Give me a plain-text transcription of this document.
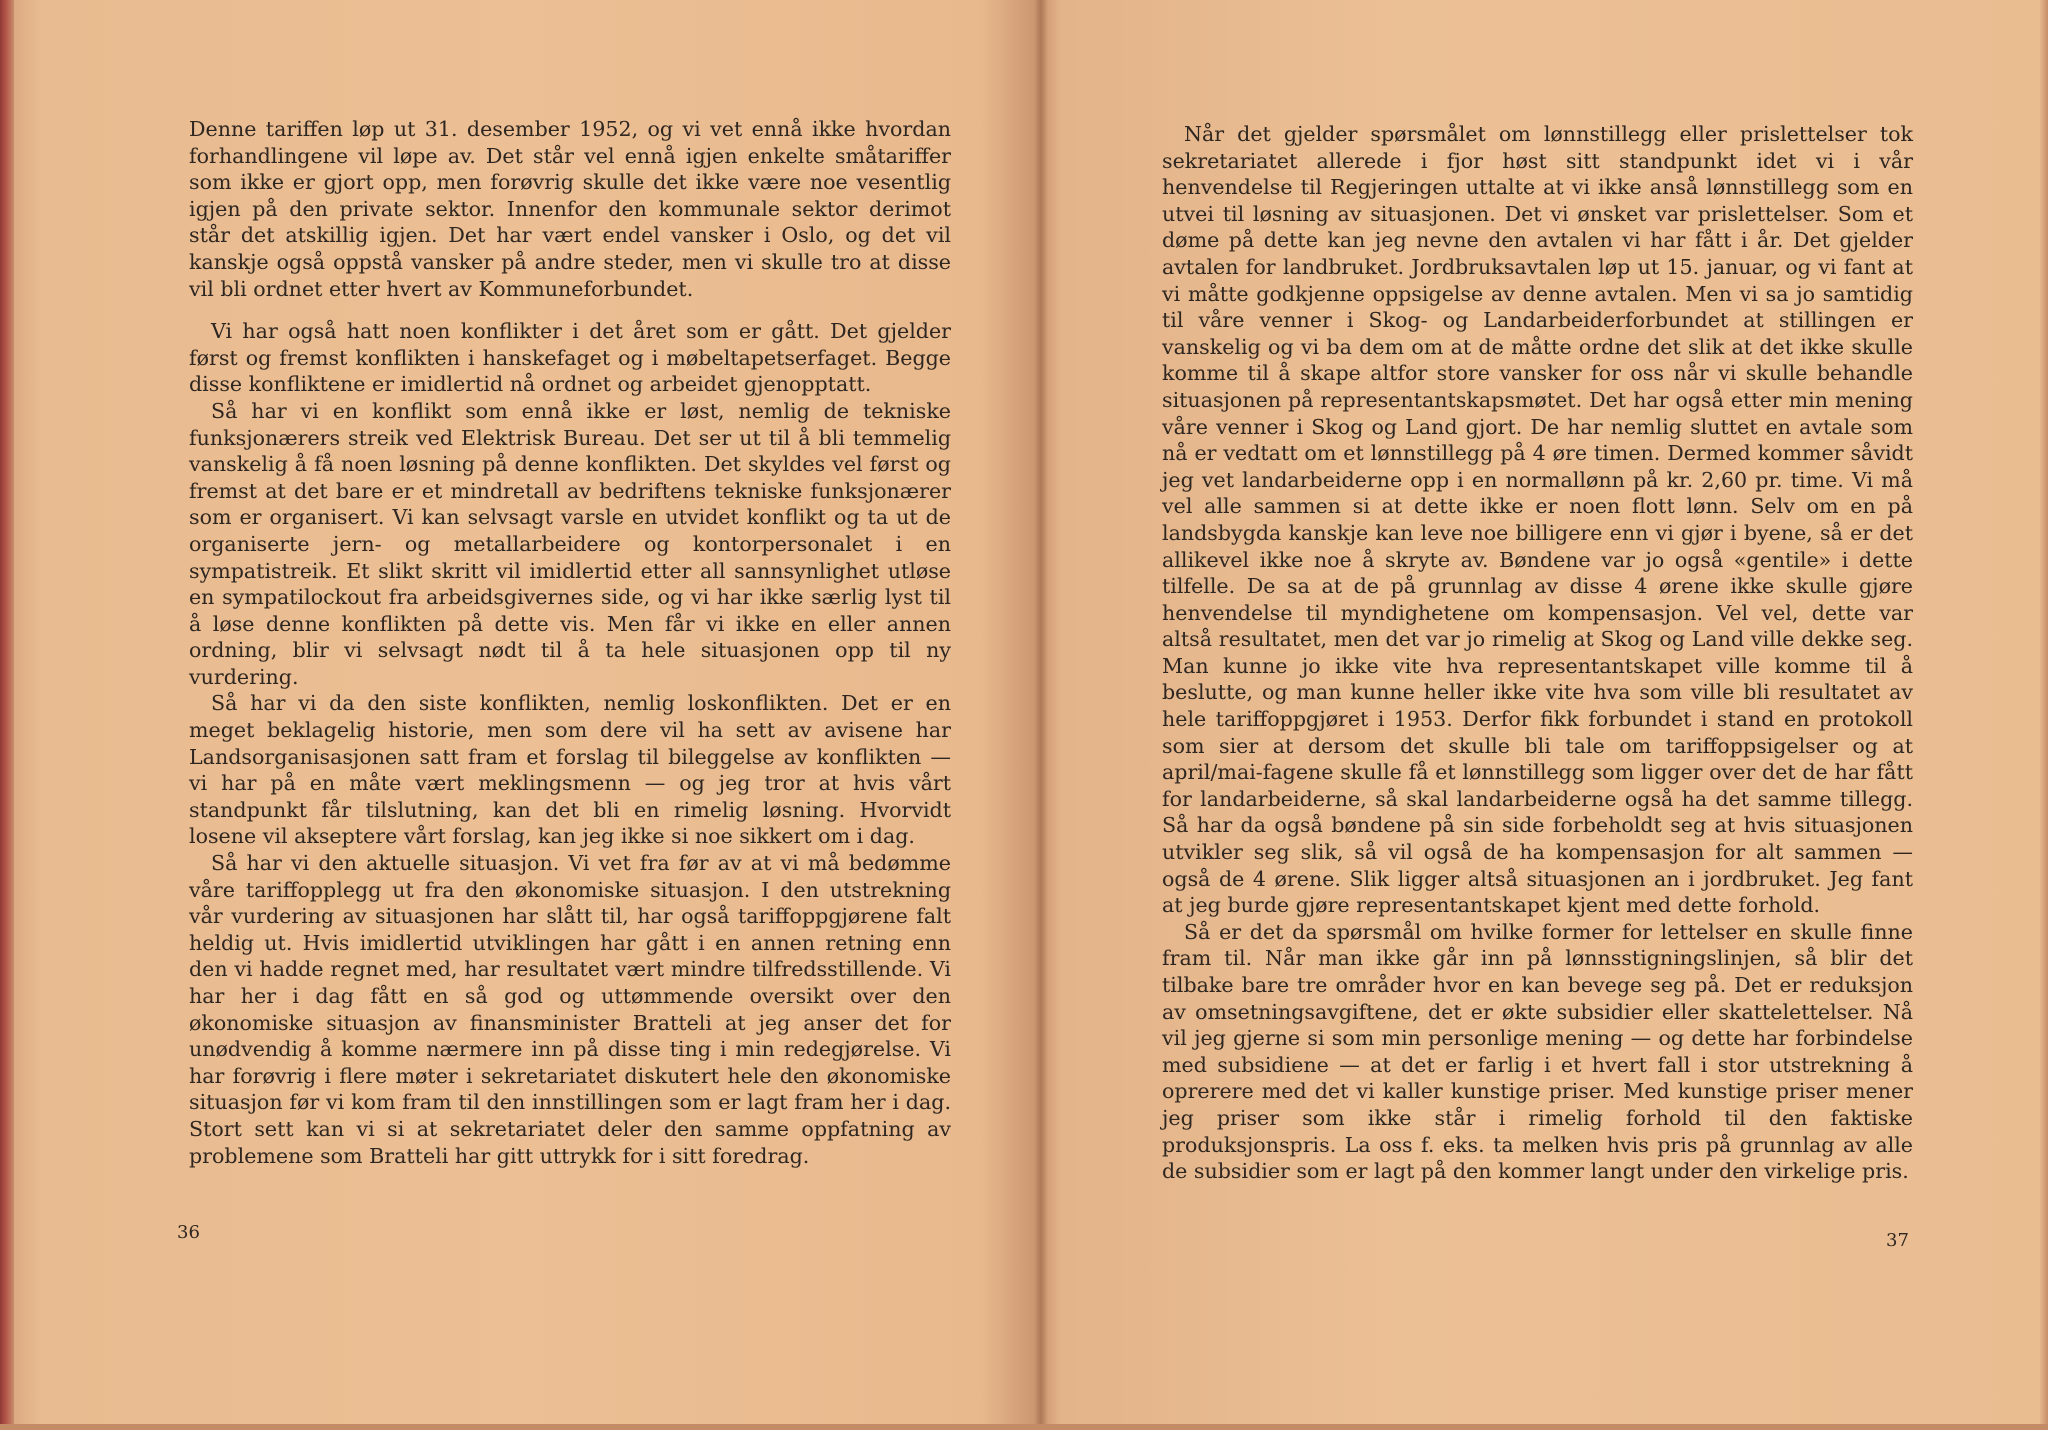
Denne tariffen løp ut 31. desember 1952, og vi vet ennå ikke hvordan forhandlingene vil løpe av. Det står vel ennå igjen enkelte småtariffer som ikke er gjort opp, men forøvrig skulle det ikke være noe vesentlig igjen på den private sektor. Innenfor den kommunale sektor derimot står det atskillig igjen. Det har vært endel vansker i Oslo, og det vil kanskje også oppstå vansker på andre steder, men vi skulle tro at disse vil bli ordnet etter hvert av Kommuneforbundet.

Vi har også hatt noen konflikter i det året som er gått. Det gjelder først og fremst konflikten i hanskefaget og i møbeltapetserfaget. Begge disse konfliktene er imidlertid nå ordnet og arbeidet gjenopptatt.

Så har vi en konflikt som ennå ikke er løst, nemlig de tekniske funksjonærers streik ved Elektrisk Bureau. Det ser ut til å bli temmelig vanskelig å få noen løsning på denne konflikten. Det skyldes vel først og fremst at det bare er et mindretall av bedriftens tekniske funksjonærer som er organisert. Vi kan selvsagt varsle en utvidet konflikt og ta ut de organiserte jern- og metallarbeidere og kontorpersonalet i en sympatistreik. Et slikt skritt vil imidlertid etter all sannsynlighet utløse en sympatilockout fra arbeidsgivernes side, og vi har ikke særlig lyst til å løse denne konflikten på dette vis. Men får vi ikke en eller annen ordning, blir vi selvsagt nødt til å ta hele situasjonen opp til ny vurdering.

Så har vi da den siste konflikten, nemlig loskonflikten. Det er en meget beklagelig historie, men som dere vil ha sett av avisene har Landsorganisasjonen satt fram et forslag til bileggelse av konflikten — vi har på en måte vært meklingsmenn — og jeg tror at hvis vårt standpunkt får tilslutning, kan det bli en rimelig løsning. Hvorvidt losene vil akseptere vårt forslag, kan jeg ikke si noe sikkert om i dag.

Så har vi den aktuelle situasjon. Vi vet fra før av at vi må bedømme våre tariffopplegg ut fra den økonomiske situasjon. I den utstrekning vår vurdering av situasjonen har slått til, har også tariffoppgjørene falt heldig ut. Hvis imidlertid utviklingen har gått i en annen retning enn den vi hadde regnet med, har resultatet vært mindre tilfredsstillende. Vi har her i dag fått en så god og uttømmende oversikt over den økonomiske situasjon av finansminister Bratteli at jeg anser det for unødvendig å komme nærmere inn på disse ting i min redegjørelse. Vi har forøvrig i flere møter i sekretariatet diskutert hele den økonomiske situasjon før vi kom fram til den innstillingen som er lagt fram her i dag. Stort sett kan vi si at sekretariatet deler den samme oppfatning av problemene som Bratteli har gitt uttrykk for i sitt foredrag.

36

Når det gjelder spørsmålet om lønnstillegg eller prislettelser tok sekretariatet allerede i fjor høst sitt standpunkt idet vi i vår henvendelse til Regjeringen uttalte at vi ikke anså lønnstillegg som en utvei til løsning av situasjonen. Det vi ønsket var prislettelser. Som et døme på dette kan jeg nevne den avtalen vi har fått i år. Det gjelder avtalen for landbruket. Jordbruksavtalen løp ut 15. januar, og vi fant at vi måtte godkjenne oppsigelse av denne avtalen. Men vi sa jo samtidig til våre venner i Skog- og Landarbeiderforbundet at stillingen er vanskelig og vi ba dem om at de måtte ordne det slik at det ikke skulle komme til å skape altfor store vansker for oss når vi skulle behandle situasjonen på representantskapsmøtet. Det har også etter min mening våre venner i Skog og Land gjort. De har nemlig sluttet en avtale som nå er vedtatt om et lønnstillegg på 4 øre timen. Dermed kommer såvidt jeg vet landarbeiderne opp i en normallønn på kr. 2,60 pr. time. Vi må vel alle sammen si at dette ikke er noen flott lønn. Selv om en på landsbygda kanskje kan leve noe billigere enn vi gjør i byene, så er det allikevel ikke noe å skryte av. Bøndene var jo også «gentile» i dette tilfelle. De sa at de på grunnlag av disse 4 ørene ikke skulle gjøre henvendelse til myndighetene om kompensasjon. Vel vel, dette var altså resultatet, men det var jo rimelig at Skog og Land ville dekke seg. Man kunne jo ikke vite hva representantskapet ville komme til å beslutte, og man kunne heller ikke vite hva som ville bli resultatet av hele tariffoppgjøret i 1953. Derfor fikk forbundet i stand en protokoll som sier at dersom det skulle bli tale om tariffoppsigelser og at april/mai-fagene skulle få et lønnstillegg som ligger over det de har fått for landarbeiderne, så skal landarbeiderne også ha det samme tillegg. Så har da også bøndene på sin side forbeholdt seg at hvis situasjonen utvikler seg slik, så vil også de ha kompensasjon for alt sammen — også de 4 ørene. Slik ligger altså situasjonen an i jordbruket. Jeg fant at jeg burde gjøre representantskapet kjent med dette forhold.

Så er det da spørsmål om hvilke former for lettelser en skulle finne fram til. Når man ikke går inn på lønnsstigningslinjen, så blir det tilbake bare tre områder hvor en kan bevege seg på. Det er reduksjon av omsetningsavgiftene, det er økte subsidier eller skattelettelser. Nå vil jeg gjerne si som min personlige mening — og dette har forbindelse med subsidiene — at det er farlig i et hvert fall i stor utstrekning å oprerere med det vi kaller kunstige priser. Med kunstige priser mener jeg priser som ikke står i rimelig forhold til den faktiske produksjonspris. La oss f. eks. ta melken hvis pris på grunnlag av alle de subsidier som er lagt på den kommer langt under den virkelige pris.

37
